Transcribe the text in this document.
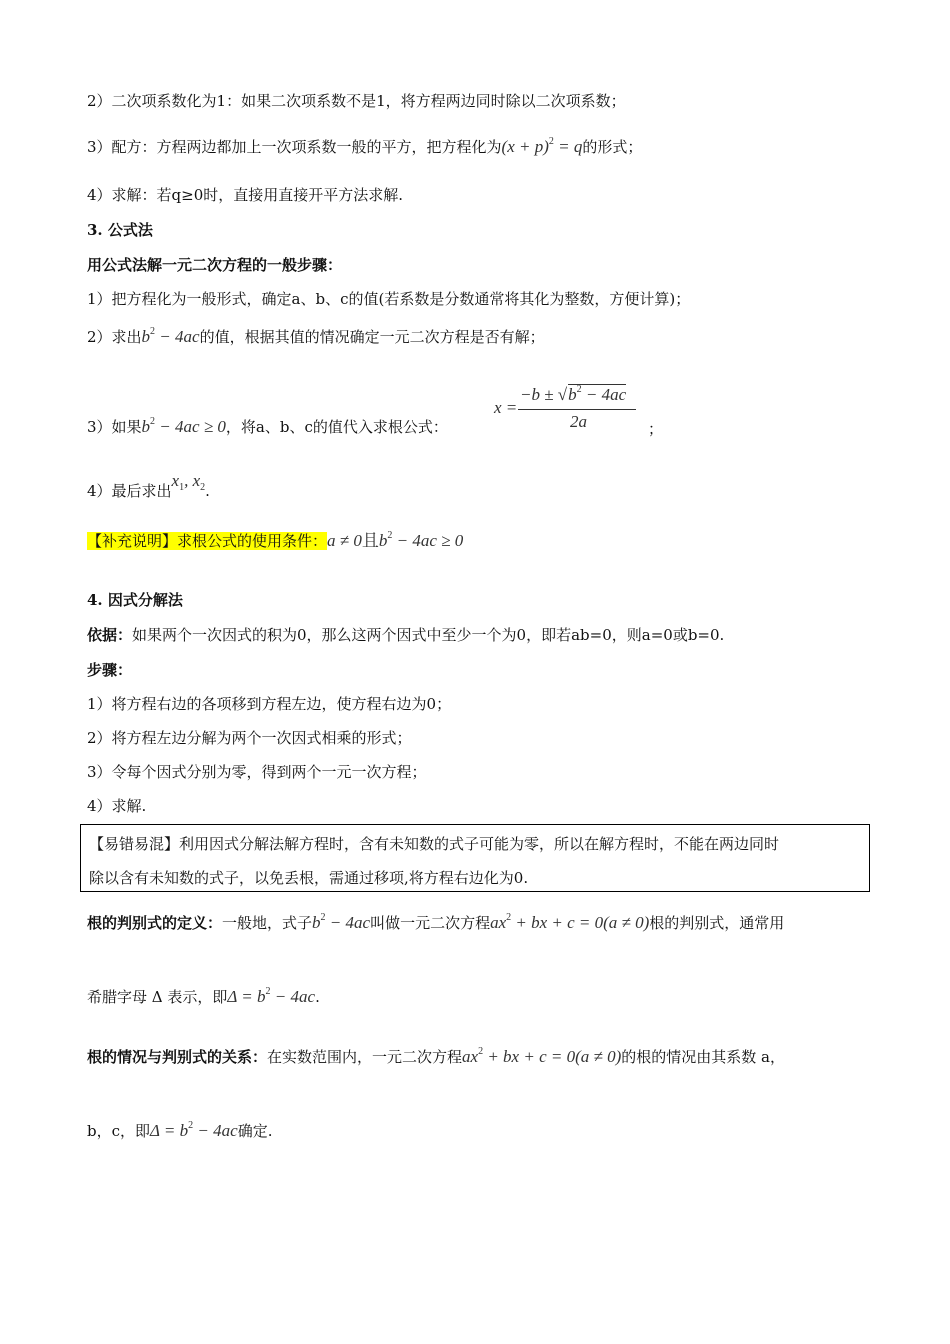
2）二次项系数化为1：如果二次项系数不是1，将方程两边同时除以二次项系数；
3）配方：方程两边都加上一次项系数一般的平方，把方程化为$(x + p)^2 = q$的形式；
4）求解：若q≥0时，直接用直接开平方法求解.
3. 公式法
用公式法解一元二次方程的一般步骤：
1）把方程化为一般形式，确定a、b、c的值(若系数是分数通常将其化为整数，方便计算)；
2）求出$b^2 - 4ac$的值，根据其值的情况确定一元二次方程是否有解；
3）如果$b^2 - 4ac \ge 0$，将a、b、c的值代入求根公式：
x =
$-b \pm √b^2 - 4ac$
2a	；
4）最后求出$x_1$, $x_2$.
【补充说明】求根公式的使用条件：a ≠ 0且$b^2 - 4ac \ge 0$
4. 因式分解法
依据：如果两个一次因式的积为0，那么这两个因式中至少一个为0，即若ab=0，则a=0或b=0.
步骤：
1）将方程右边的各项移到方程左边，使方程右边为0；
2）将方程左边分解为两个一次因式相乘的形式；
3）令每个因式分别为零，得到两个一元一次方程；
4）求解.
【易错易混】利用因式分解法解方程时，含有未知数的式子可能为零，所以在解方程时，不能在两边同时
除以含有未知数的式子，以免丢根，需通过移项,将方程右边化为0.
根的判别式的定义：一般地，式子$b^2 - 4ac$叫做一元二次方程$ax^2$ + bx + c = 0(a ≠ 0)根的判别式，通常用
希腊字母 Δ 表示，即$\Delta = b^2 - 4ac$.
根的情况与判别式的关系：在实数范围内，一元二次方程$ax^2$ + bx + c = 0(a ≠ 0)的根的情况由其系数 a，
b，c，即$\Delta = b^2 - 4ac$确定.
